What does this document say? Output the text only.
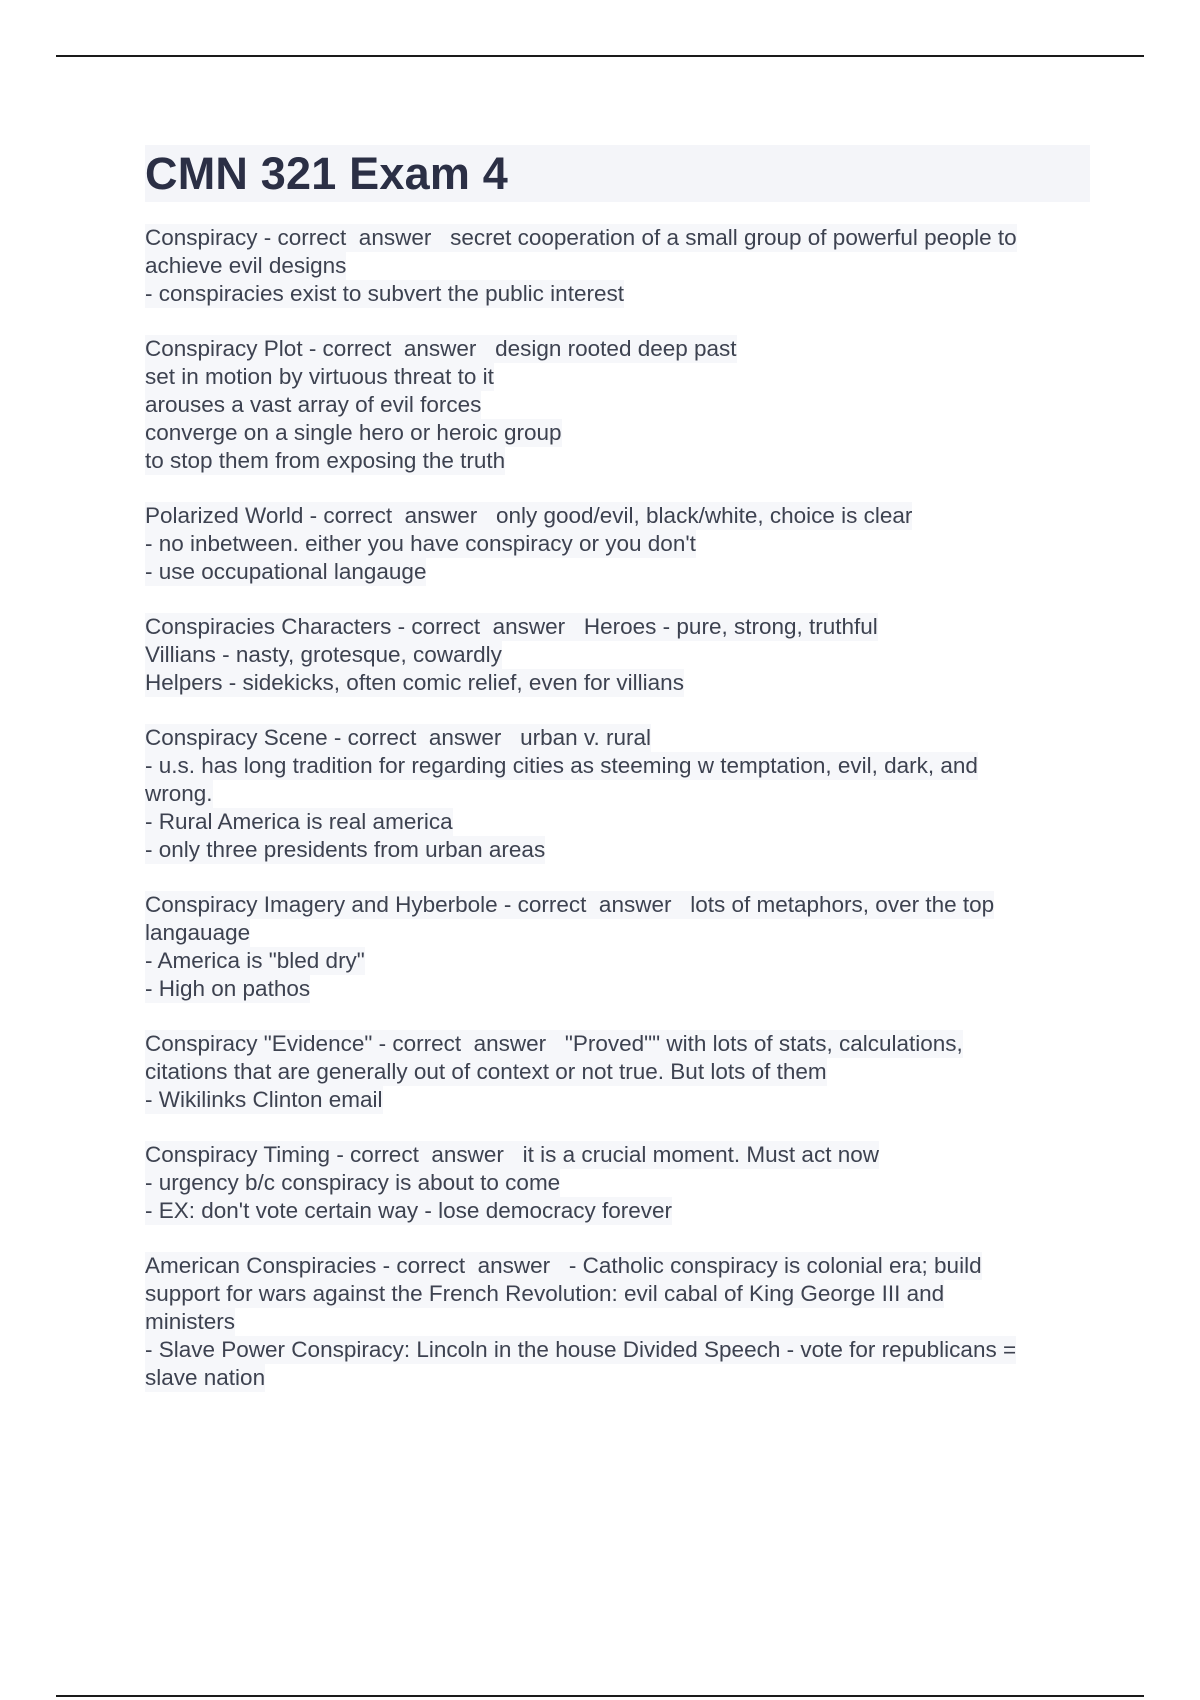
CMN 321 Exam 4
Conspiracy - correct  answer   secret cooperation of a small group of powerful people to
achieve evil designs
- conspiracies exist to subvert the public interest
Conspiracy Plot - correct  answer   design rooted deep past
set in motion by virtuous threat to it
arouses a vast array of evil forces
converge on a single hero or heroic group
to stop them from exposing the truth
Polarized World - correct  answer   only good/evil, black/white, choice is clear
- no inbetween. either you have conspiracy or you don't
- use occupational langauge
Conspiracies Characters - correct  answer   Heroes - pure, strong, truthful
Villians - nasty, grotesque, cowardly
Helpers - sidekicks, often comic relief, even for villians
Conspiracy Scene - correct  answer   urban v. rural
- u.s. has long tradition for regarding cities as steeming w temptation, evil, dark, and
wrong.
- Rural America is real america
- only three presidents from urban areas
Conspiracy Imagery and Hyberbole - correct  answer   lots of metaphors, over the top
langauage
- America is "bled dry"
- High on pathos
Conspiracy "Evidence" - correct  answer   "Proved"" with lots of stats, calculations,
citations that are generally out of context or not true. But lots of them
- Wikilinks Clinton email
Conspiracy Timing - correct  answer   it is a crucial moment. Must act now
- urgency b/c conspiracy is about to come
- EX: don't vote certain way - lose democracy forever
American Conspiracies - correct  answer   - Catholic conspiracy is colonial era; build
support for wars against the French Revolution: evil cabal of King George III and
ministers
- Slave Power Conspiracy: Lincoln in the house Divided Speech - vote for republicans =
slave nation
